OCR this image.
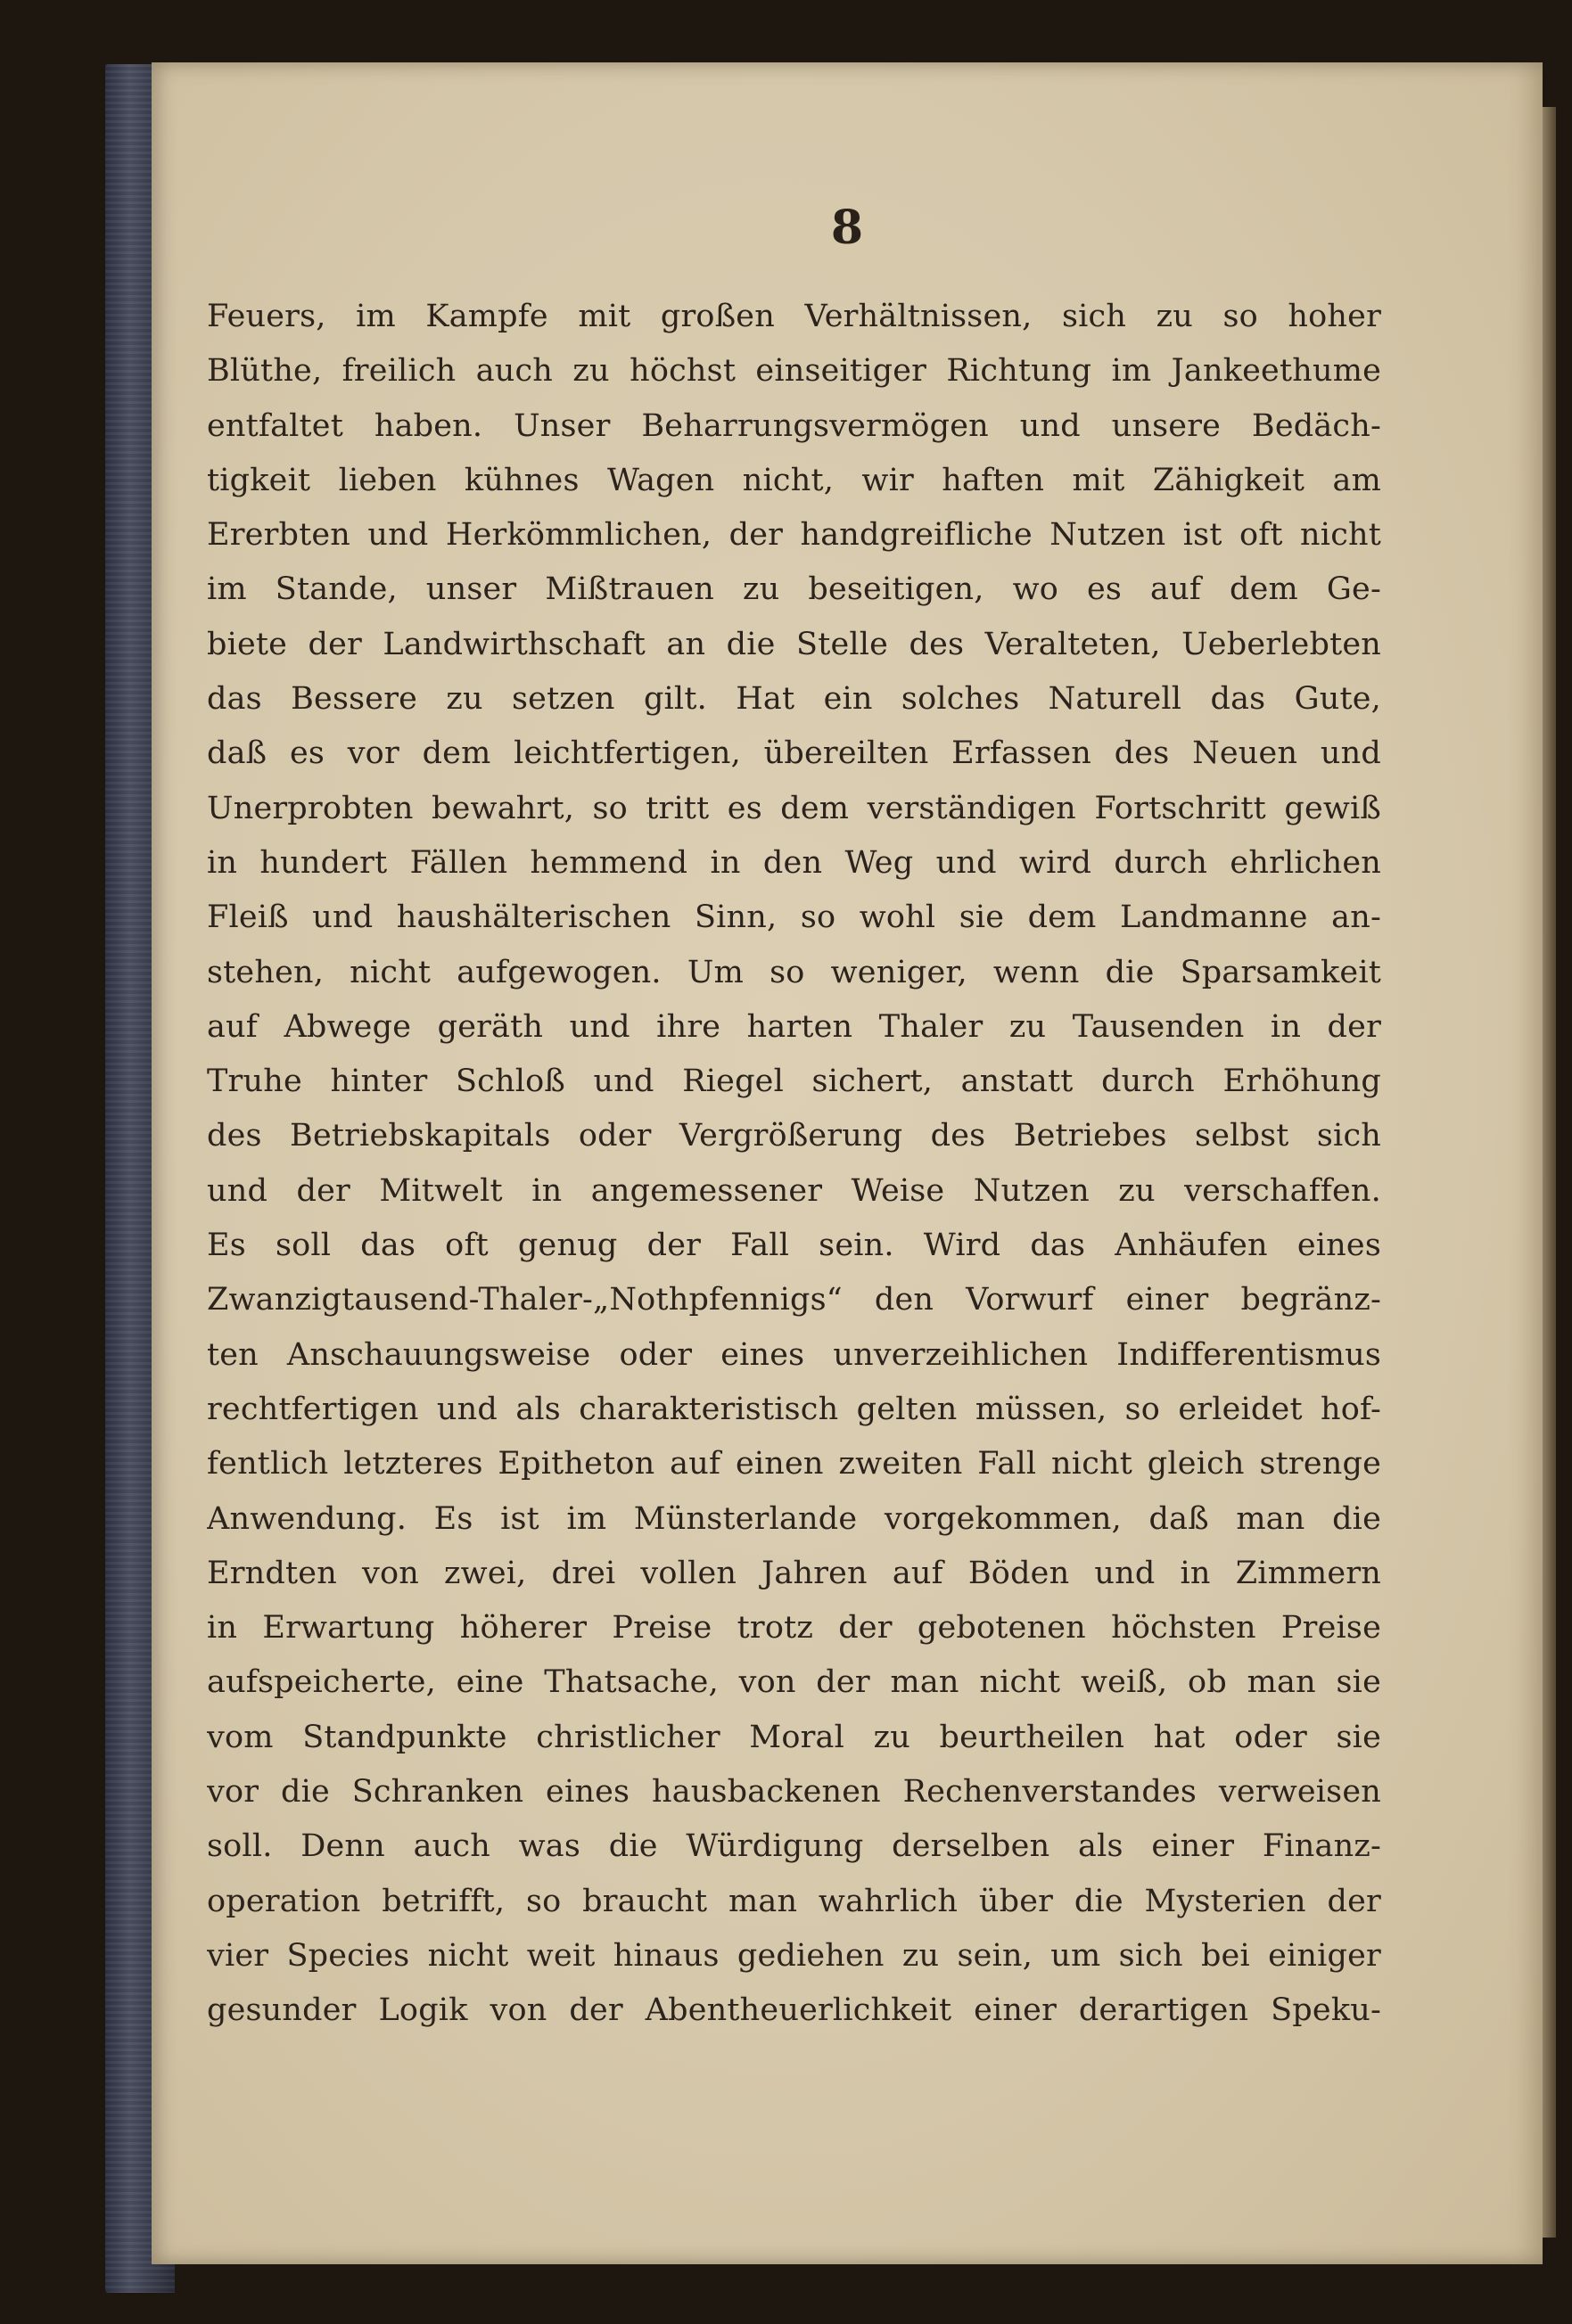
8
Feuers, im Kampfe mit großen Verhältnissen, sich zu so hoher
Blüthe, freilich auch zu höchst einseitiger Richtung im Jankeethume
entfaltet haben. Unser Beharrungsvermögen und unsere Bedäch-
tigkeit lieben kühnes Wagen nicht, wir haften mit Zähigkeit am
Ererbten und Herkömmlichen, der handgreifliche Nutzen ist oft nicht
im Stande, unser Mißtrauen zu beseitigen, wo es auf dem Ge-
biete der Landwirthschaft an die Stelle des Veralteten, Ueberlebten
das Bessere zu setzen gilt. Hat ein solches Naturell das Gute,
daß es vor dem leichtfertigen, übereilten Erfassen des Neuen und
Unerprobten bewahrt, so tritt es dem verständigen Fortschritt gewiß
in hundert Fällen hemmend in den Weg und wird durch ehrlichen
Fleiß und haushälterischen Sinn, so wohl sie dem Landmanne an-
stehen, nicht aufgewogen. Um so weniger, wenn die Sparsamkeit
auf Abwege geräth und ihre harten Thaler zu Tausenden in der
Truhe hinter Schloß und Riegel sichert, anstatt durch Erhöhung
des Betriebskapitals oder Vergrößerung des Betriebes selbst sich
und der Mitwelt in angemessener Weise Nutzen zu verschaffen.
Es soll das oft genug der Fall sein. Wird das Anhäufen eines
Zwanzigtausend-Thaler-„Nothpfennigs“ den Vorwurf einer begränz-
ten Anschauungsweise oder eines unverzeihlichen Indifferentismus
rechtfertigen und als charakteristisch gelten müssen, so erleidet hof-
fentlich letzteres Epitheton auf einen zweiten Fall nicht gleich strenge
Anwendung. Es ist im Münsterlande vorgekommen, daß man die
Erndten von zwei, drei vollen Jahren auf Böden und in Zimmern
in Erwartung höherer Preise trotz der gebotenen höchsten Preise
aufspeicherte, eine Thatsache, von der man nicht weiß, ob man sie
vom Standpunkte christlicher Moral zu beurtheilen hat oder sie
vor die Schranken eines hausbackenen Rechenverstandes verweisen
soll. Denn auch was die Würdigung derselben als einer Finanz-
operation betrifft, so braucht man wahrlich über die Mysterien der
vier Species nicht weit hinaus gediehen zu sein, um sich bei einiger
gesunder Logik von der Abentheuerlichkeit einer derartigen Speku-
